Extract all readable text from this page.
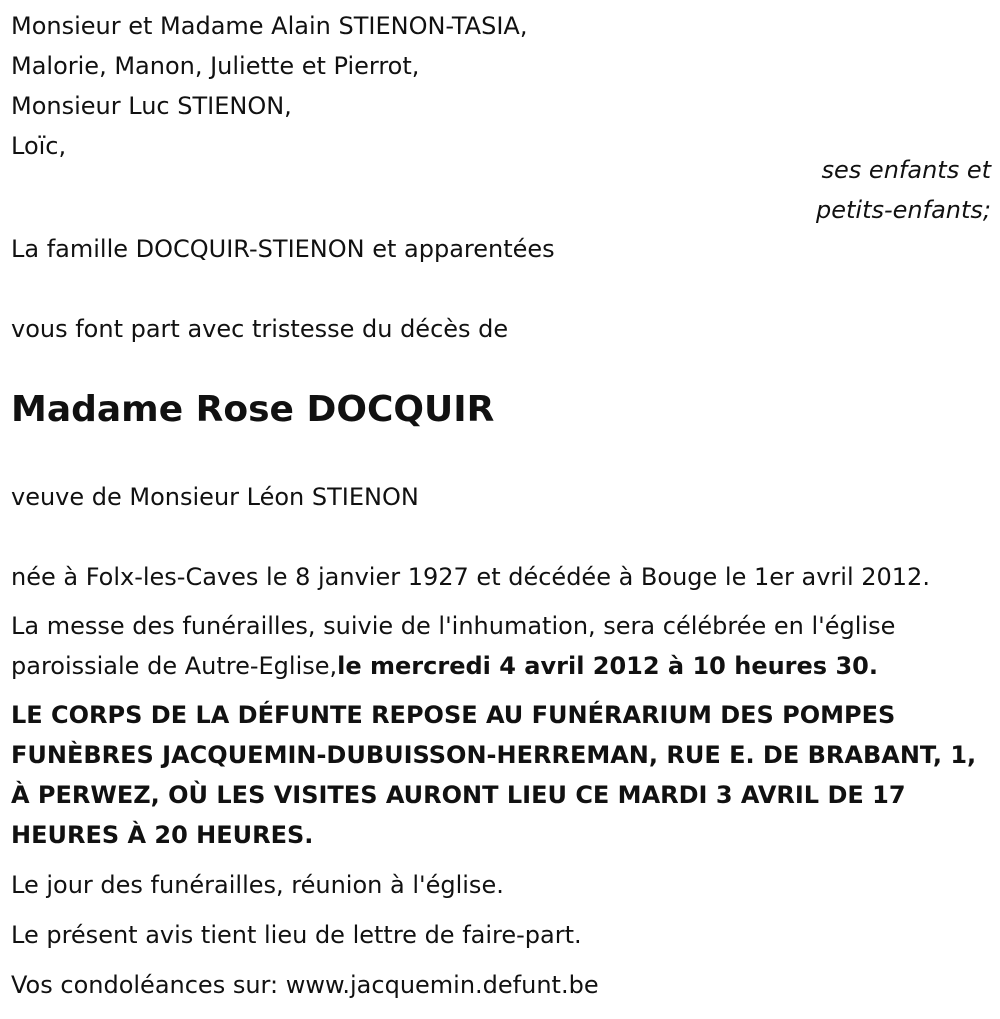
Monsieur et Madame Alain STIENON-TASIA,
Malorie, Manon, Juliette et Pierrot,
Monsieur Luc STIENON,
Loïc,
ses enfants et
petits-enfants;
La famille DOCQUIR-STIENON et apparentées
vous font part avec tristesse du décès de
Madame Rose DOCQUIR
veuve de Monsieur Léon STIENON
née à Folx-les-Caves le 8 janvier 1927 et décédée à Bouge le 1er avril 2012.
La messe des funérailles, suivie de l'inhumation, sera célébrée en l'église
paroissiale de Autre-Eglise,le mercredi 4 avril 2012 à 10 heures 30.
LE CORPS DE LA DÉFUNTE REPOSE AU FUNÉRARIUM DES POMPES
FUNÈBRES JACQUEMIN-DUBUISSON-HERREMAN, RUE E. DE BRABANT, 1,
À PERWEZ, OÙ LES VISITES AURONT LIEU CE MARDI 3 AVRIL DE 17
HEURES À 20 HEURES.
Le jour des funérailles, réunion à l'église.
Le présent avis tient lieu de lettre de faire-part.
Vos condoléances sur: www.jacquemin.defunt.be
